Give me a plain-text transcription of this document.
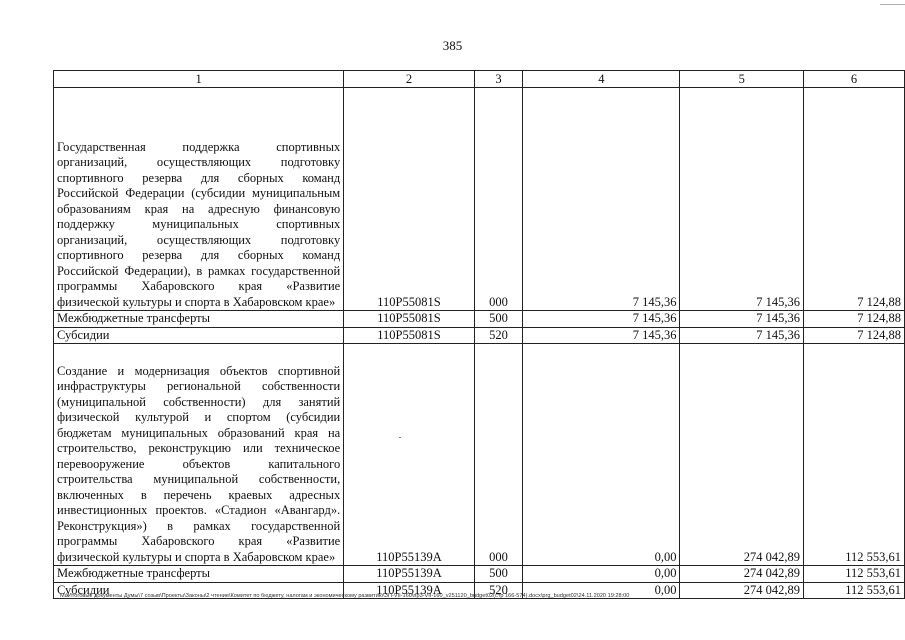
385
1	2	3	4	5	6
Государственная поддержка спортивных организаций, осуществляющих подготовку спортивного резерва для сборных команд Российской Федерации (субсидии муниципальным образованиям края на адресную финансовую поддержку муниципальных спортивных организаций, осуществляющих подготовку спортивного резерва для сборных команд Российской Федерации), в рамках государственной программы Хабаровского края «Развитие физической культуры и спорта в Хабаровском крае»	110Р55081S	000	7 145,36	7 145,36	7 124,88
Межбюджетные трансферты	110Р55081S	500	7 145,36	7 145,36	7 124,88
Субсидии	110Р55081S	520	7 145,36	7 145,36	7 124,88
Создание и модернизация объектов спортивной инфраструктуры региональной собственности (муниципальной собственности) для занятий физической культурой и спортом (субсидии бюджетам муниципальных образований края на строительство, реконструкцию или техническое перевооружение объектов капитального строительства муниципальной собственности, включенных в перечень краевых адресных инвестиционных проектов. «Стадион «Авангард». Реконструкция») в рамках государственной программы Хабаровского края «Развитие физической культуры и спорта в Хабаровском крае»	110Р55139А	000	0,00	274 042,89	112 553,61
Межбюджетные трансферты	110Р55139А	500	0,00	274 042,89	112 553,61
Субсидии	110Р55139А	520	0,00	274 042,89	112 553,61
M:\Итоговые документы Думы\7 созыв\Проекты\Законы\2 чтение\Комитет по бюджету, налогам и экономическому развитию\ЗП-VII-160\пр3-VII-160_v251120_budget02(стр 166-574).docx\prg_budget02\24.11.2020 19:28:00
